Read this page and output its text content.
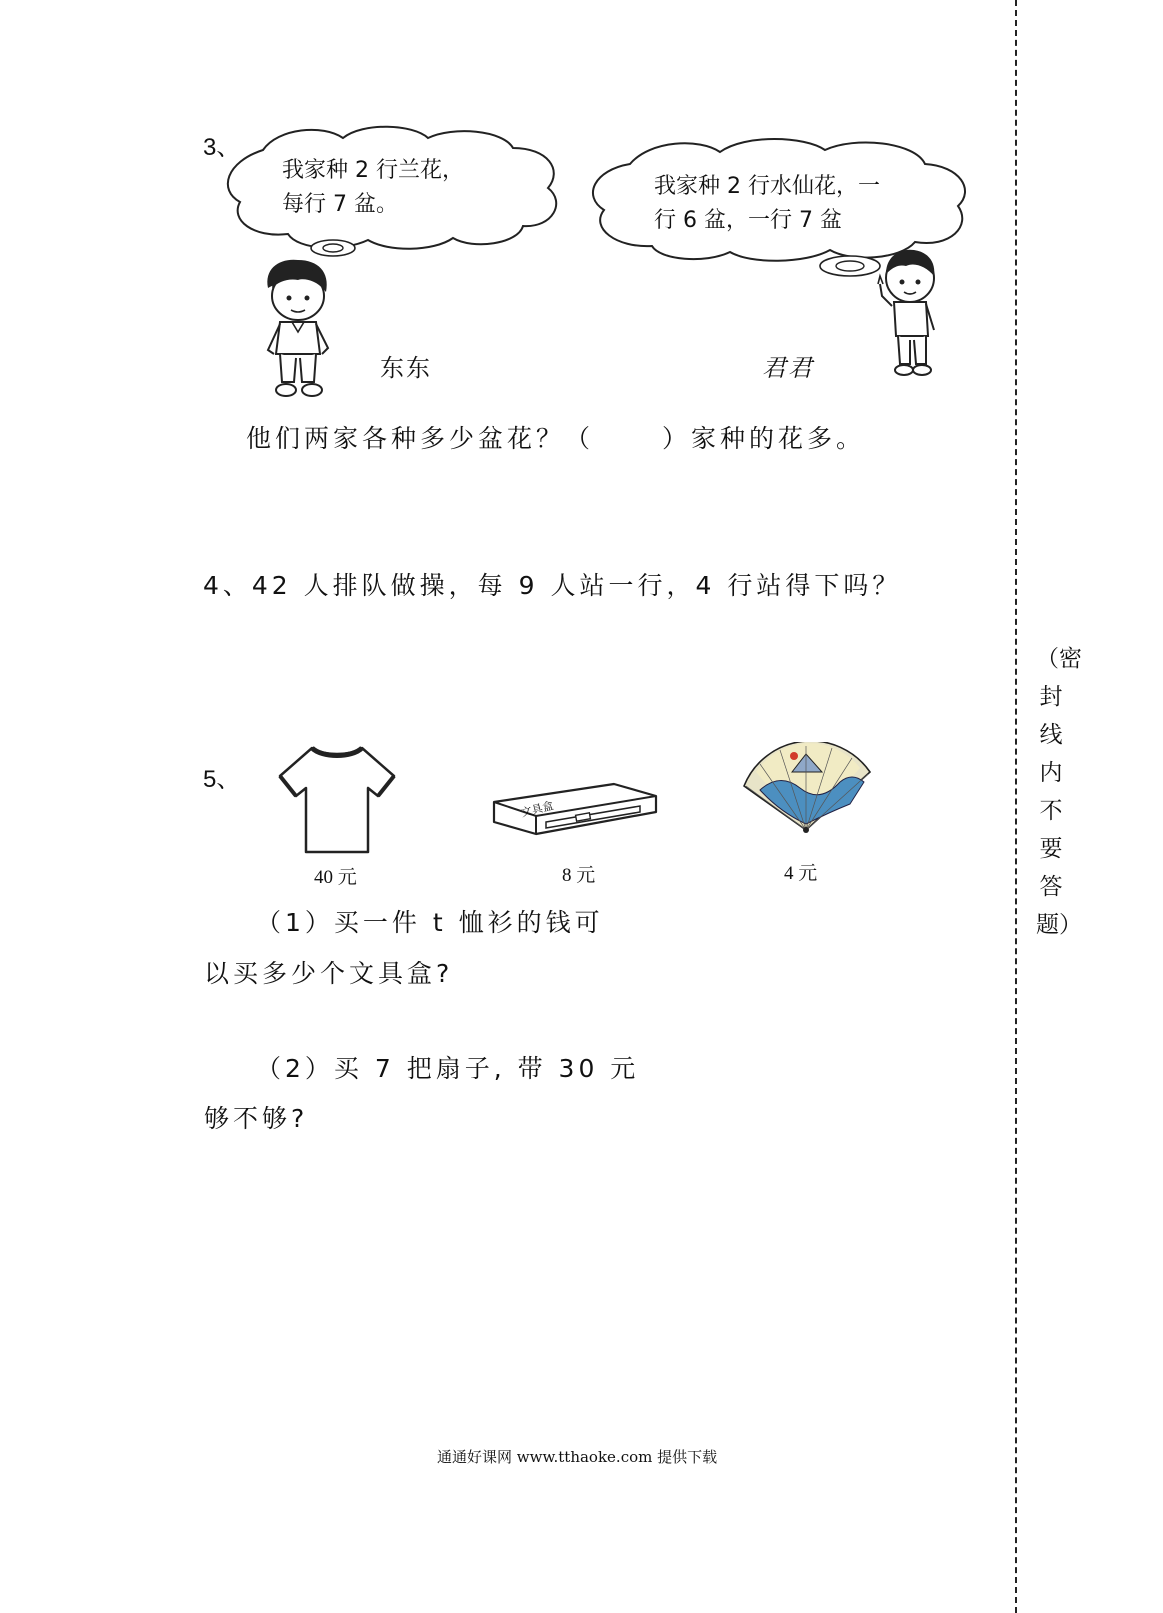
（密封线内不要答题）
3、
我家种 2 行兰花，
每行 7 盆。
我家种 2 行水仙花，一
行 6 盆，一行 7 盆
东东	君君
他们两家各种多少盆花？（	）家种的花多。
4、42 人排队做操，每 9 人站一行，4 行站得下吗？
5、
40 元
文具盒
8 元	4 元
（1）买一件 t 恤衫的钱可
以买多少个文具盒?
（2）买 7 把扇子, 带 30 元
够不够?
通通好课网 www.tthaoke.com 提供下载
